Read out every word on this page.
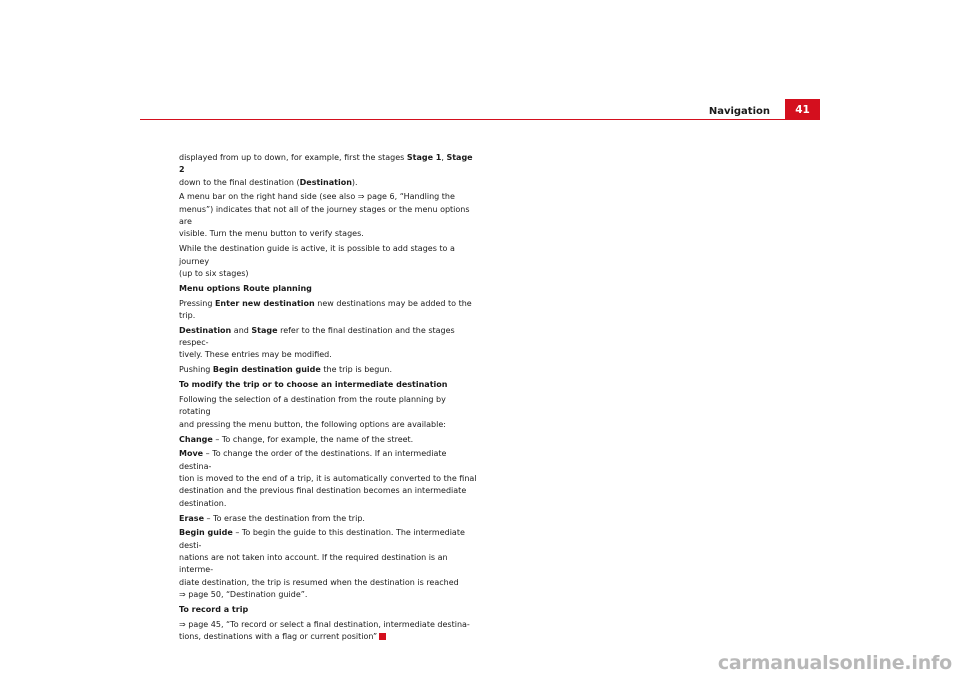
Navigation	41

displayed from up to down, for example, first the stages Stage 1, Stage 2
down to the final destination (Destination).

A menu bar on the right hand side (see also ⇒ page 6, “Handling the
menus”) indicates that not all of the journey stages or the menu options are
visible. Turn the menu button to verify stages.

While the destination guide is active, it is possible to add stages to a journey
(up to six stages)

Menu options Route planning

Pressing Enter new destination new destinations may be added to the trip.

Destination and Stage refer to the final destination and the stages respec-
tively. These entries may be modified.

Pushing Begin destination guide the trip is begun.

To modify the trip or to choose an intermediate destination

Following the selection of a destination from the route planning by rotating
and pressing the menu button, the following options are available:

Change – To change, for example, the name of the street.

Move – To change the order of the destinations. If an intermediate destina-
tion is moved to the end of a trip, it is automatically converted to the final
destination and the previous final destination becomes an intermediate
destination.

Erase – To erase the destination from the trip.

Begin guide – To begin the guide to this destination. The intermediate desti-
nations are not taken into account. If the required destination is an interme-
diate destination, the trip is resumed when the destination is reached
⇒ page 50, “Destination guide”.

To record a trip

⇒ page 45, “To record or select a final destination, intermediate destina-
tions, destinations with a flag or current position”

carmanualsonline.info
